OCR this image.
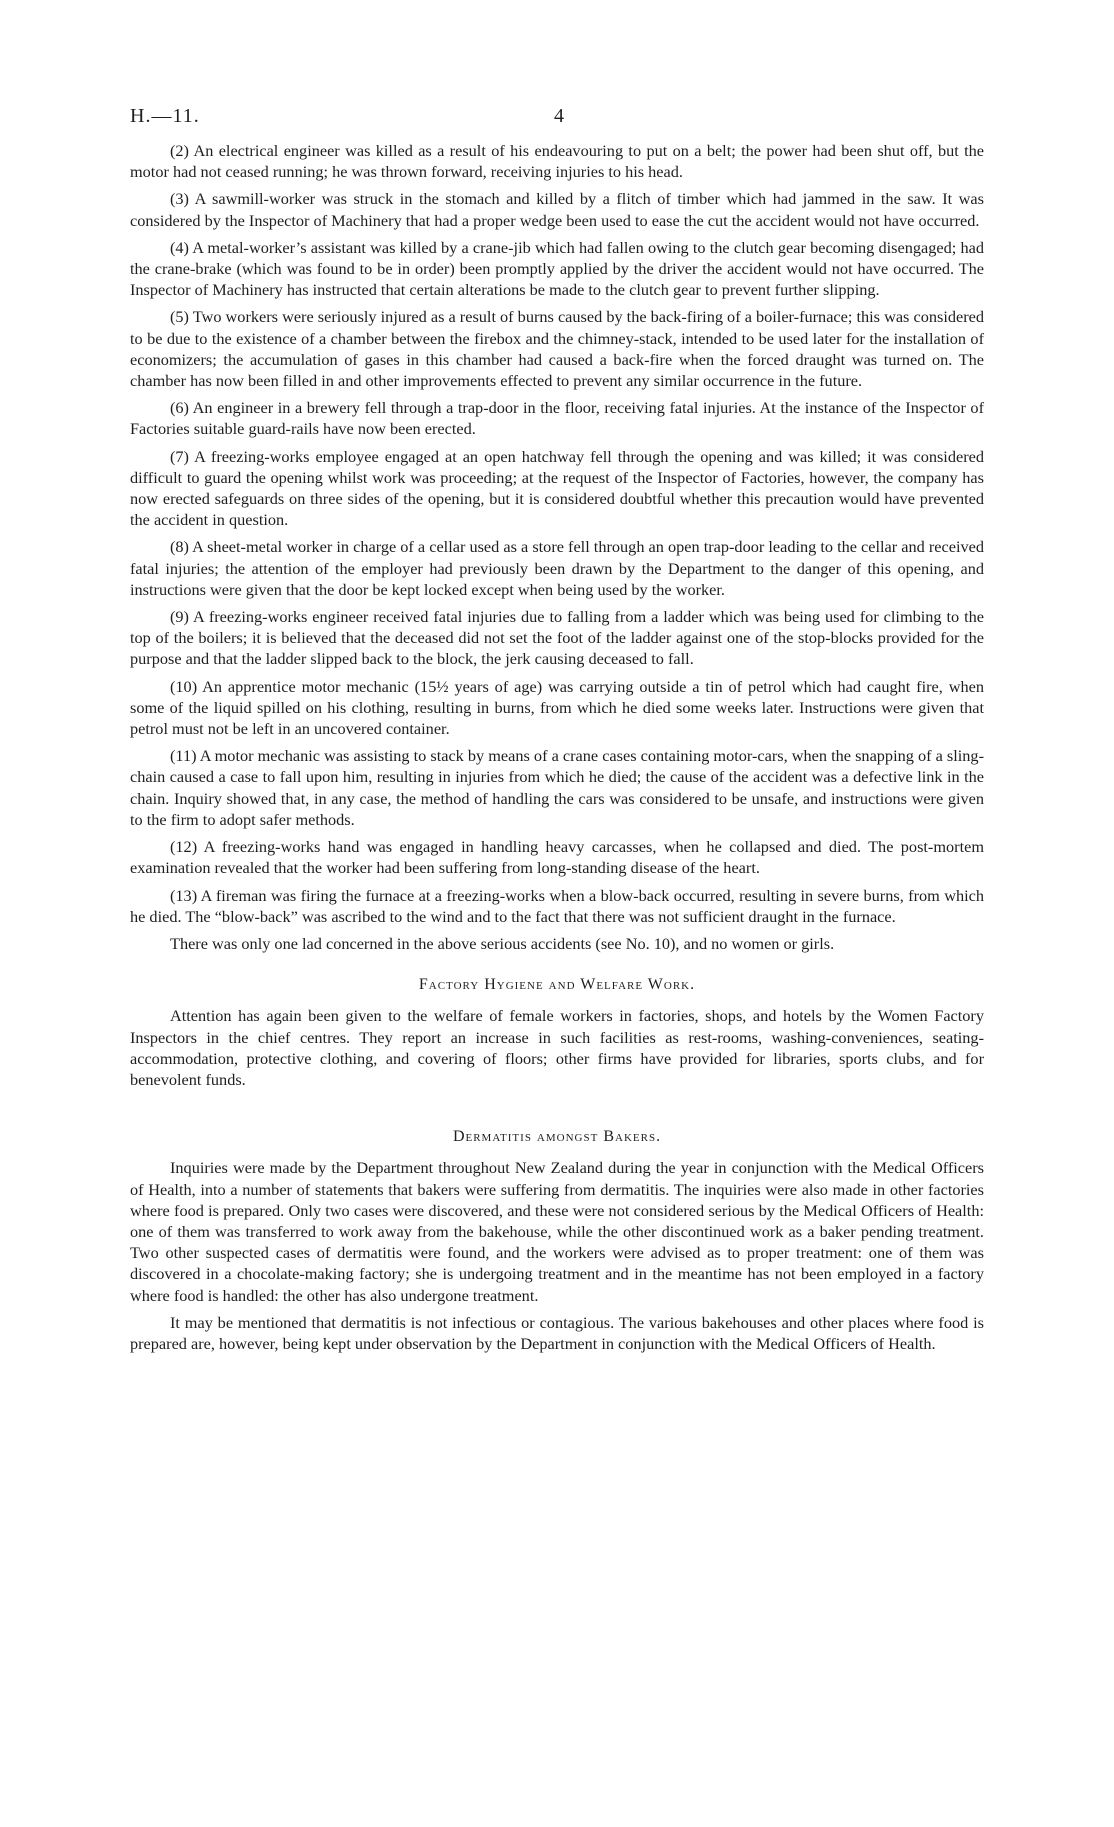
H.—11.	4

(2) An electrical engineer was killed as a result of his endeavouring to put on a belt; the power had been shut off, but the motor had not ceased running; he was thrown forward, receiving injuries to his head.

(3) A sawmill-worker was struck in the stomach and killed by a flitch of timber which had jammed in the saw. It was considered by the Inspector of Machinery that had a proper wedge been used to ease the cut the accident would not have occurred.

(4) A metal-worker’s assistant was killed by a crane-jib which had fallen owing to the clutch gear becoming disengaged; had the crane-brake (which was found to be in order) been promptly applied by the driver the accident would not have occurred. The Inspector of Machinery has instructed that certain alterations be made to the clutch gear to prevent further slipping.

(5) Two workers were seriously injured as a result of burns caused by the back-firing of a boiler-furnace; this was considered to be due to the existence of a chamber between the firebox and the chimney-stack, intended to be used later for the installation of economizers; the accumulation of gases in this chamber had caused a back-fire when the forced draught was turned on. The chamber has now been filled in and other improvements effected to prevent any similar occurrence in the future.

(6) An engineer in a brewery fell through a trap-door in the floor, receiving fatal injuries. At the instance of the Inspector of Factories suitable guard-rails have now been erected.

(7) A freezing-works employee engaged at an open hatchway fell through the opening and was killed; it was considered difficult to guard the opening whilst work was proceeding; at the request of the Inspector of Factories, however, the company has now erected safeguards on three sides of the opening, but it is considered doubtful whether this precaution would have prevented the accident in question.

(8) A sheet-metal worker in charge of a cellar used as a store fell through an open trap-door leading to the cellar and received fatal injuries; the attention of the employer had previously been drawn by the Department to the danger of this opening, and instructions were given that the door be kept locked except when being used by the worker.

(9) A freezing-works engineer received fatal injuries due to falling from a ladder which was being used for climbing to the top of the boilers; it is believed that the deceased did not set the foot of the ladder against one of the stop-blocks provided for the purpose and that the ladder slipped back to the block, the jerk causing deceased to fall.

(10) An apprentice motor mechanic (15½ years of age) was carrying outside a tin of petrol which had caught fire, when some of the liquid spilled on his clothing, resulting in burns, from which he died some weeks later. Instructions were given that petrol must not be left in an uncovered container.

(11) A motor mechanic was assisting to stack by means of a crane cases containing motor-cars, when the snapping of a sling-chain caused a case to fall upon him, resulting in injuries from which he died; the cause of the accident was a defective link in the chain. Inquiry showed that, in any case, the method of handling the cars was considered to be unsafe, and instructions were given to the firm to adopt safer methods.

(12) A freezing-works hand was engaged in handling heavy carcasses, when he collapsed and died. The post-mortem examination revealed that the worker had been suffering from long-standing disease of the heart.

(13) A fireman was firing the furnace at a freezing-works when a blow-back occurred, resulting in severe burns, from which he died. The “blow-back” was ascribed to the wind and to the fact that there was not sufficient draught in the furnace.

There was only one lad concerned in the above serious accidents (see No. 10), and no women or girls.

Factory Hygiene and Welfare Work.

Attention has again been given to the welfare of female workers in factories, shops, and hotels by the Women Factory Inspectors in the chief centres. They report an increase in such facilities as rest-rooms, washing-conveniences, seating-accommodation, protective clothing, and covering of floors; other firms have provided for libraries, sports clubs, and for benevolent funds.

Dermatitis amongst Bakers.

Inquiries were made by the Department throughout New Zealand during the year in conjunction with the Medical Officers of Health, into a number of statements that bakers were suffering from dermatitis. The inquiries were also made in other factories where food is prepared. Only two cases were discovered, and these were not considered serious by the Medical Officers of Health: one of them was transferred to work away from the bakehouse, while the other discontinued work as a baker pending treatment. Two other suspected cases of dermatitis were found, and the workers were advised as to proper treatment: one of them was discovered in a chocolate-making factory; she is undergoing treatment and in the meantime has not been employed in a factory where food is handled: the other has also undergone treatment.

It may be mentioned that dermatitis is not infectious or contagious. The various bakehouses and other places where food is prepared are, however, being kept under observation by the Department in conjunction with the Medical Officers of Health.
